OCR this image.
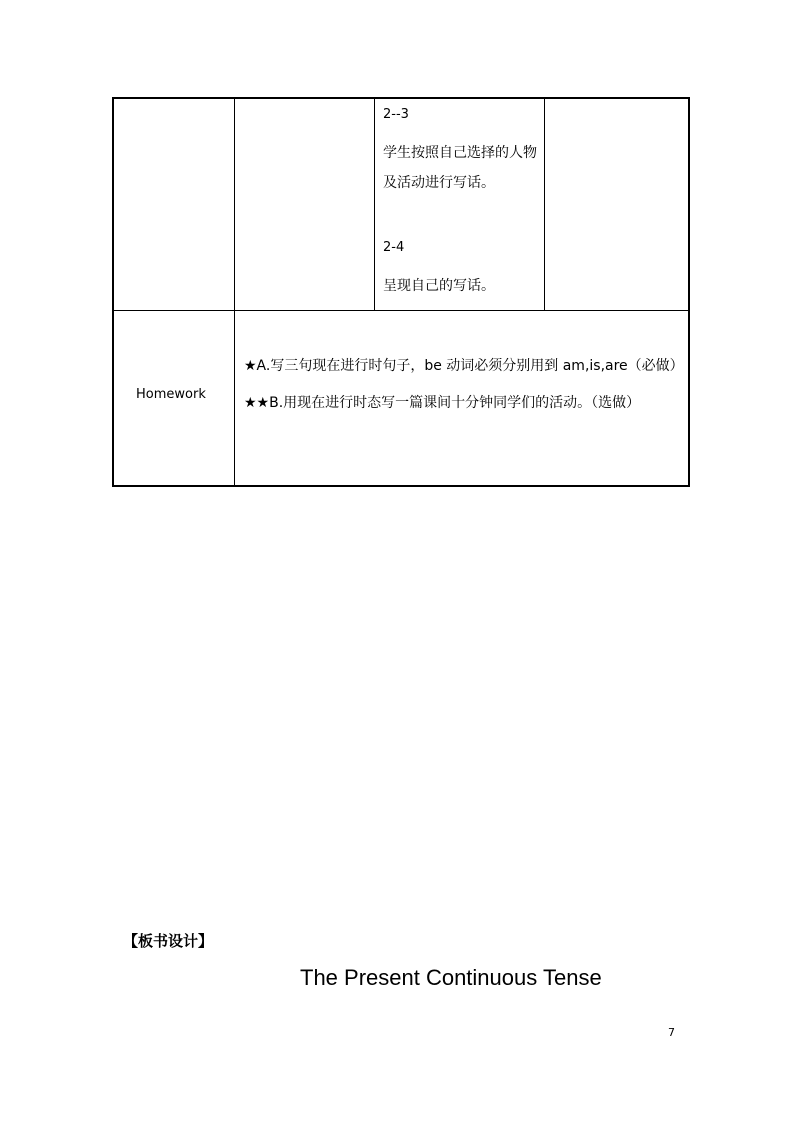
2--3
学生按照自己选择的人物及活动进行写话。
2-4
呈现自己的写话。
Homework

★A.写三句现在进行时句子，be 动词必须分别用到 am,is,are（必做）

★★B.用现在进行时态写一篇课间十分钟同学们的活动。（选做）

【板书设计】
The Present Continuous Tense
7
